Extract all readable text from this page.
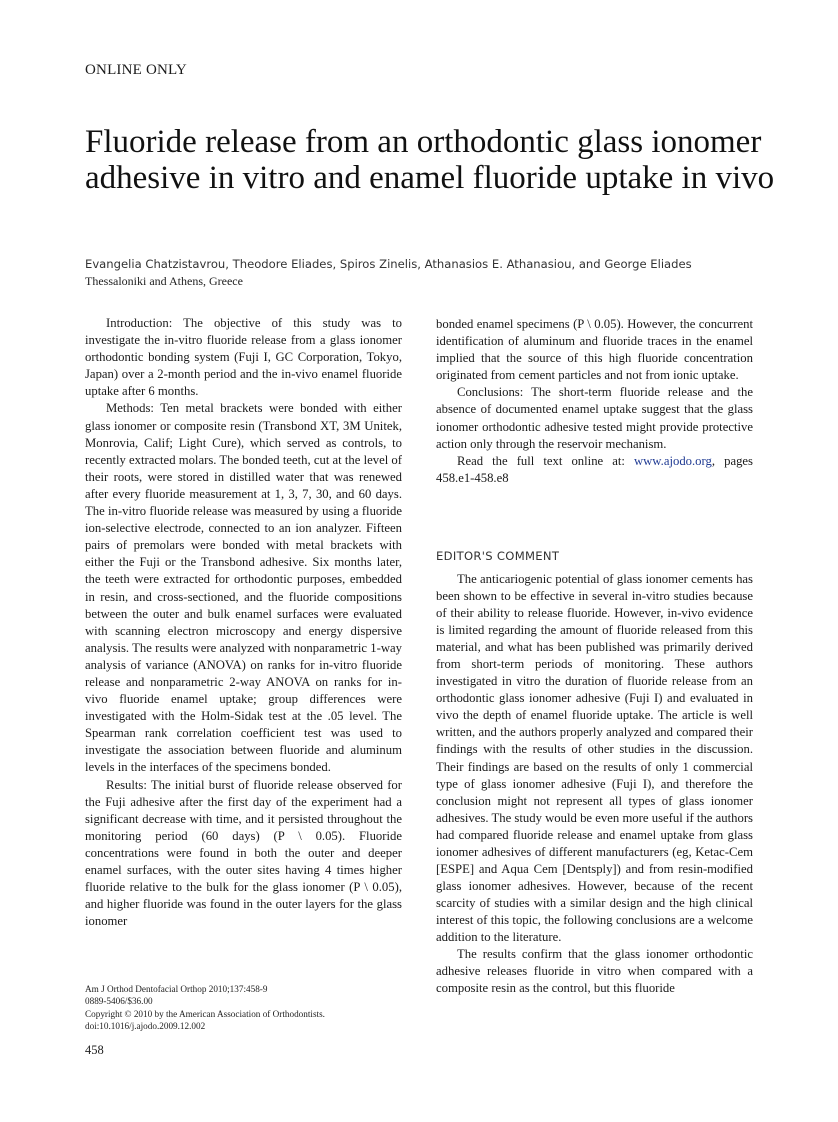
ONLINE ONLY
Fluoride release from an orthodontic glass ionomer adhesive in vitro and enamel fluoride uptake in vivo
Evangelia Chatzistavrou, Theodore Eliades, Spiros Zinelis, Athanasios E. Athanasiou, and George Eliades
Thessaloniki and Athens, Greece

Introduction: The objective of this study was to investigate the in-vitro fluoride release from a glass ionomer orthodontic bonding system (Fuji I, GC Corporation, Tokyo, Japan) over a 2-month period and the in-vivo enamel fluoride uptake after 6 months.

Methods: Ten metal brackets were bonded with either glass ionomer or composite resin (Transbond XT, 3M Unitek, Monrovia, Calif; Light Cure), which served as controls, to recently extracted molars. The bonded teeth, cut at the level of their roots, were stored in distilled water that was renewed after every fluoride measurement at 1, 3, 7, 30, and 60 days. The in-vitro fluoride release was measured by using a fluoride ion-selective electrode, connected to an ion analyzer. Fifteen pairs of premolars were bonded with metal brackets with either the Fuji or the Transbond adhesive. Six months later, the teeth were extracted for orthodontic purposes, embedded in resin, and cross-sectioned, and the fluoride compositions between the outer and bulk enamel surfaces were evaluated with scanning electron microscopy and energy dispersive analysis. The results were analyzed with nonparametric 1-way analysis of variance (ANOVA) on ranks for in-vitro fluoride release and nonparametric 2-way ANOVA on ranks for in-vivo fluoride enamel uptake; group differences were investigated with the Holm-Sidak test at the .05 level. The Spearman rank correlation coefficient test was used to investigate the association between fluoride and aluminum levels in the interfaces of the specimens bonded.

Results: The initial burst of fluoride release observed for the Fuji adhesive after the first day of the experiment had a significant decrease with time, and it persisted throughout the monitoring period (60 days) (P \ 0.05). Fluoride concentrations were found in both the outer and deeper enamel surfaces, with the outer sites having 4 times higher fluoride relative to the bulk for the glass ionomer (P \ 0.05), and higher fluoride was found in the outer layers for the glass ionomer

bonded enamel specimens (P \ 0.05). However, the concurrent identification of aluminum and fluoride traces in the enamel implied that the source of this high fluoride concentration originated from cement particles and not from ionic uptake.

Conclusions: The short-term fluoride release and the absence of documented enamel uptake suggest that the glass ionomer orthodontic adhesive tested might provide protective action only through the reservoir mechanism.

Read the full text online at: www.ajodo.org, pages 458.e1-458.e8

EDITOR'S COMMENT

The anticariogenic potential of glass ionomer cements has been shown to be effective in several in-vitro studies because of their ability to release fluoride. However, in-vivo evidence is limited regarding the amount of fluoride released from this material, and what has been published was primarily derived from short-term periods of monitoring. These authors investigated in vitro the duration of fluoride release from an orthodontic glass ionomer adhesive (Fuji I) and evaluated in vivo the depth of enamel fluoride uptake. The article is well written, and the authors properly analyzed and compared their findings with the results of other studies in the discussion. Their findings are based on the results of only 1 commercial type of glass ionomer adhesive (Fuji I), and therefore the conclusion might not represent all types of glass ionomer adhesives. The study would be even more useful if the authors had compared fluoride release and enamel uptake from glass ionomer adhesives of different manufacturers (eg, Ketac-Cem [ESPE] and Aqua Cem [Dentsply]) and from resin-modified glass ionomer adhesives. However, because of the recent scarcity of studies with a similar design and the high clinical interest of this topic, the following conclusions are a welcome addition to the literature.

The results confirm that the glass ionomer orthodontic adhesive releases fluoride in vitro when compared with a composite resin as the control, but this fluoride

Am J Orthod Dentofacial Orthop 2010;137:458-9
0889-5406/$36.00
Copyright © 2010 by the American Association of Orthodontists.
doi:10.1016/j.ajodo.2009.12.002
458
